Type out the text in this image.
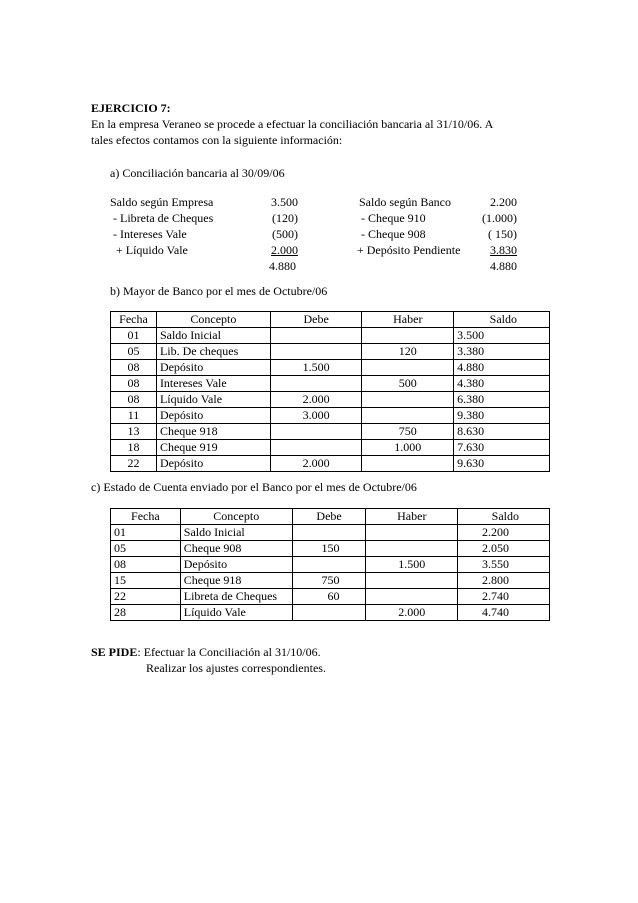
EJERCICIO 7:
En la empresa Veraneo se procede a efectuar la conciliación bancaria al 31/10/06. A
tales efectos contamos con la siguiente información:
a) Conciliación bancaria al 30/09/06
Saldo según Empresa	3.500	Saldo según Banco	2.200
- Libreta de Cheques	(120)	- Cheque 910	(1.000)
- Intereses Vale	(500)	- Cheque 908	( 150)
+ Líquido Vale	2.000	+ Depósito Pendiente	3.830
4.880	4.880
b) Mayor de Banco por el mes de Octubre/06
Fecha	Concepto	Debe	Haber	Saldo
01	Saldo Inicial			3.500
05	Lib. De cheques		120	3.380
08	Depósito	1.500		4.880
08	Intereses Vale		500	4.380
08	Líquido Vale	2.000		6.380
11	Depósito	3.000		9.380
13	Cheque 918		750	8.630
18	Cheque 919		1.000	7.630
22	Depósito	2.000		9.630
c) Estado de Cuenta enviado por el Banco por el mes de Octubre/06
Fecha	Concepto	Debe	Haber	Saldo
01	Saldo Inicial			2.200
05	Cheque 908	150		2.050
08	Depósito		1.500	3.550
15	Cheque 918	750		2.800
22	Libreta de Cheques	60		2.740
28	Líquido Vale		2.000	4.740
SE PIDE: Efectuar la Conciliación al 31/10/06.
Realizar los ajustes correspondientes.
